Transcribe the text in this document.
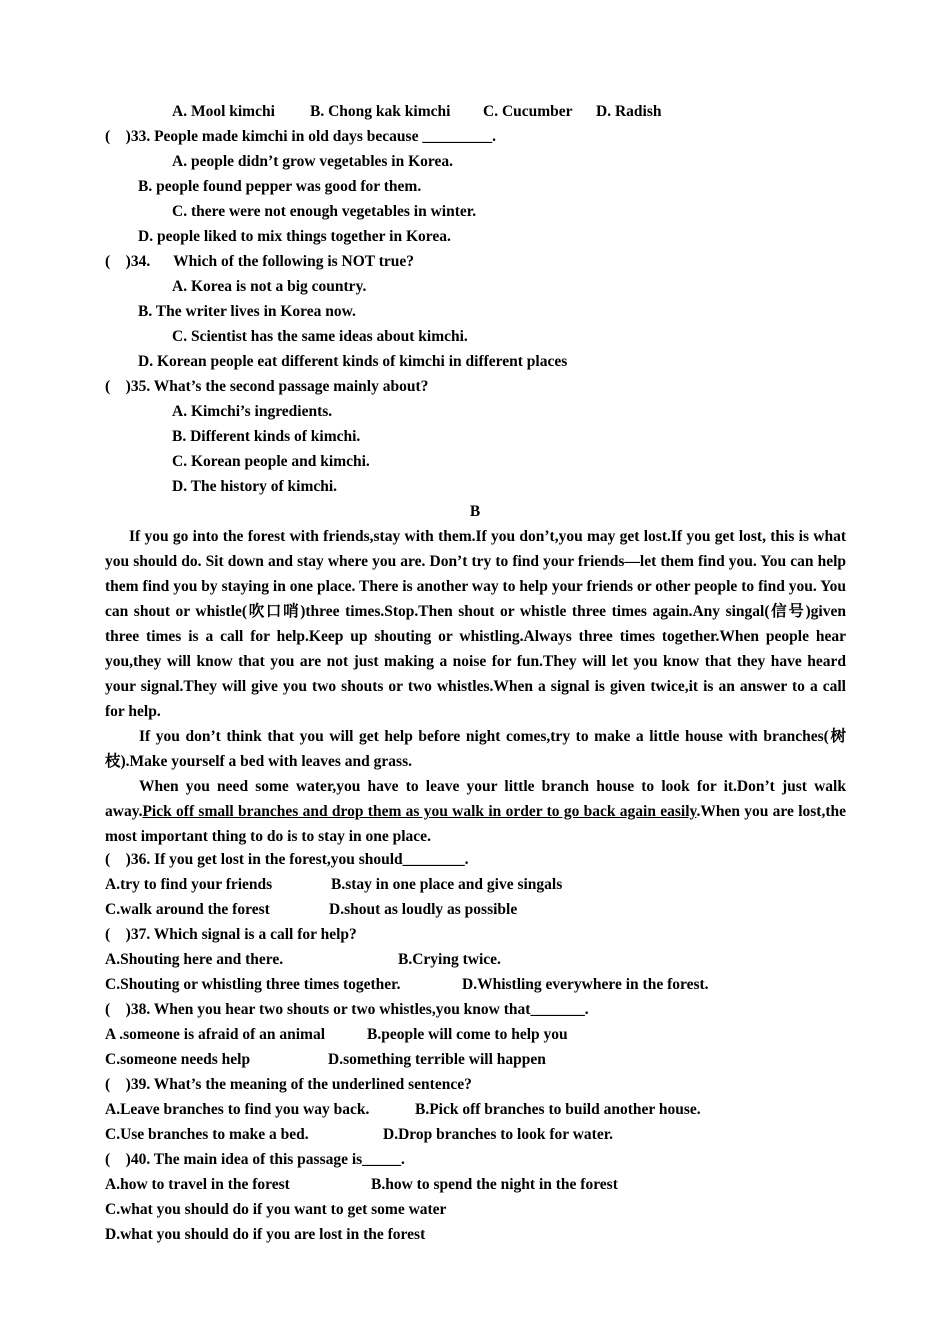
A. Mool kimchi B. Chong kak kimchi C. Cucumber D. Radish
(    )33. People made kimchi in old days because _________.
A. people didn’t grow vegetables in Korea.
B. people found pepper was good for them.
C. there were not enough vegetables in winter.
D. people liked to mix things together in Korea.
(    )34.      Which of the following is NOT true?
A. Korea is not a big country.
B. The writer lives in Korea now.
C. Scientist has the same ideas about kimchi.
D. Korean people eat different kinds of kimchi in different places
(    )35. What’s the second passage mainly about?
A. Kimchi’s ingredients.
B. Different kinds of kimchi.
C. Korean people and kimchi.
D. The history of kimchi.
B

If you go into the forest with friends,stay with them.If you don’t,you may get lost.If you get lost, this is what you should do. Sit down and stay where you are. Don’t try to find your friends—let them find you. You can help them find you by staying in one place. There is another way to help your friends or other people to find you. You can shout or whistle(吹口哨)three times.Stop.Then shout or whistle three times again.Any singal(信号)given three times is a call for help.Keep up shouting or whistling.Always three times together.When people hear you,they will know that you are not just making a noise for fun.They will let you know that they have heard your signal.They will give you two shouts or two whistles.When a signal is given twice,it is an answer to a call for help.

If you don’t think that you will get help before night comes,try to make a little house with branches(树枝).Make yourself a bed with leaves and grass.

When you need some water,you have to leave your little branch house to look for it.Don’t just walk away.Pick off small branches and drop them as you walk in order to go back again easily.When you are lost,the most important thing to do is to stay in one place.

(    )36. If you get lost in the forest,you should________.
A.try to find your friends	B.stay in one place and give singals
C.walk around the forest	D.shout as loudly as possible
(    )37. Which signal is a call for help?
A.Shouting here and there.	B.Crying twice.
C.Shouting or whistling three times together.	D.Whistling everywhere in the forest.
(    )38. When you hear two shouts or two whistles,you know that_______.
A .someone is afraid of an animal	B.people will come to help you
C.someone needs help	D.something terrible will happen
(    )39. What’s the meaning of the underlined sentence?
A.Leave branches to find you way back.	B.Pick off branches to build another house.
C.Use branches to make a bed.	D.Drop branches to look for water.
(    )40. The main idea of this passage is_____.
A.how to travel in the forest	B.how to spend the night in the forest
C.what you should do if you want to get some water
D.what you should do if you are lost in the forest
